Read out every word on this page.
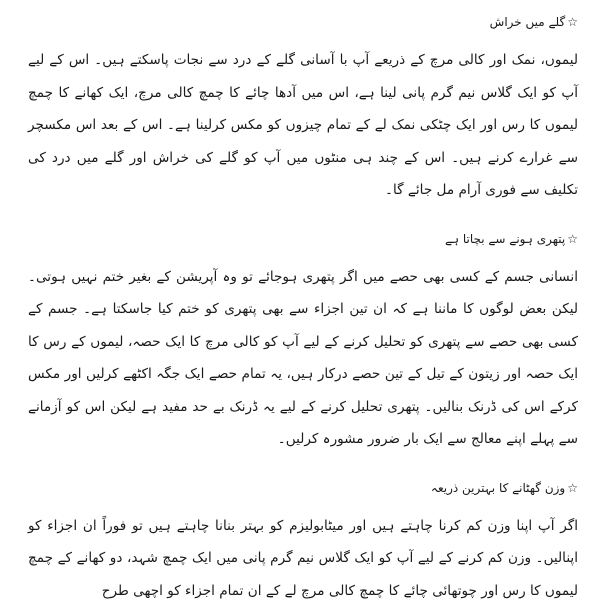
☆گلے میں خراش

لیموں، نمک اور کالی مرچ کے ذریعے آپ با آسانی گلے کے درد سے نجات پاسکتے ہیں۔ اس کے لیے آپ کو ایک گلاس نیم گرم پانی لینا ہے، اس میں آدھا چائے کا چمچ کالی مرچ، ایک کھانے کا چمچ لیموں کا رس اور ایک چٹکی نمک لے کے تمام چیزوں کو مکس کرلینا ہے۔ اس کے بعد اس مکسچر سے غرارے کرنے ہیں۔ اس کے چند ہی منٹوں میں آپ کو گلے کی خراش اور گلے میں درد کی تکلیف سے فوری آرام مل جائے گا۔

☆پتھری ہونے سے بچاتا ہے

انسانی جسم کے کسی بھی حصے میں اگر پتھری ہوجائے تو وہ آپریشن کے بغیر ختم نہیں ہوتی۔ لیکن بعض لوگوں کا ماننا ہے کہ ان تین اجزاء سے بھی پتھری کو ختم کیا جاسکتا ہے۔ جسم کے کسی بھی حصے سے پتھری کو تحلیل کرنے کے لیے آپ کو کالی مرچ کا ایک حصہ، لیموں کے رس کا ایک حصہ اور زیتون کے تیل کے تین حصے درکار ہیں، یہ تمام حصے ایک جگہ اکٹھے کرلیں اور مکس کرکے اس کی ڈرنک بنالیں۔ پتھری تحلیل کرنے کے لیے یہ ڈرنک بے حد مفید ہے لیکن اس کو آزمانے سے پہلے اپنے معالج سے ایک بار ضرور مشورہ کرلیں۔

☆وزن گھٹانے کا بہترین ذریعہ

اگر آپ اپنا وزن کم کرنا چاہتے ہیں اور میٹابولیزم کو بہتر بنانا چاہتے ہیں تو فوراً ان اجزاء کو اپنالیں۔ وزن کم کرنے کے لیے آپ کو ایک گلاس نیم گرم پانی میں ایک چمچ شہد، دو کھانے کے چمچ لیموں کا رس اور چوتھائی چائے کا چمچ کالی مرچ لے کے ان تمام اجزاء کو اچھی طرح
